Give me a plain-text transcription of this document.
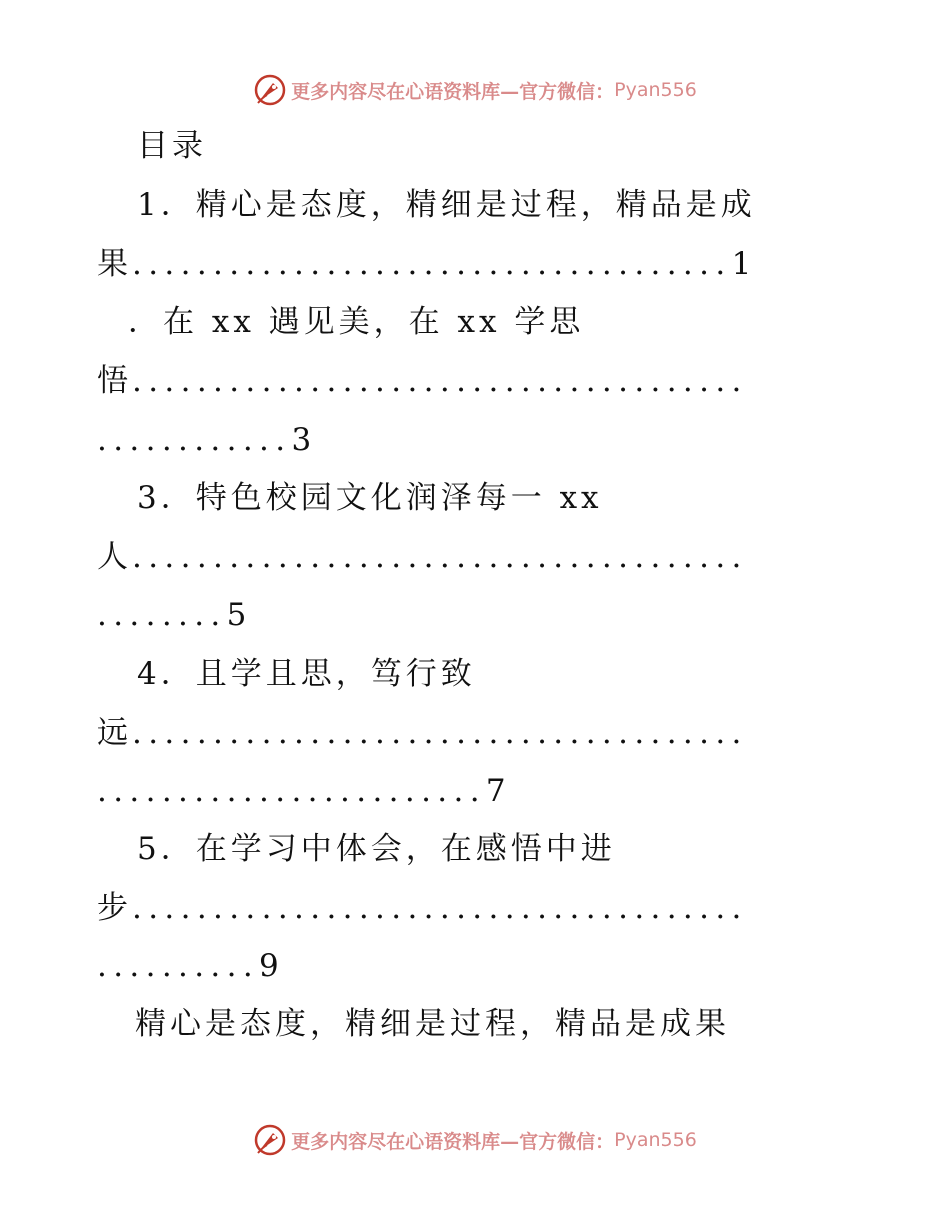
更多内容尽在心语资料库—官方微信： Pyan556
目录
1．精心是态度，精细是过程，精品是成
果.....................................1
．在 xx 遇见美，在 xx 学思
悟......................................
............3
3．特色校园文化润泽每一 xx
人......................................
........5
4．且学且思，笃行致
远......................................
........................7
5．在学习中体会，在感悟中进
步......................................
..........9
精心是态度，精细是过程，精品是成果
更多内容尽在心语资料库—官方微信： Pyan556
